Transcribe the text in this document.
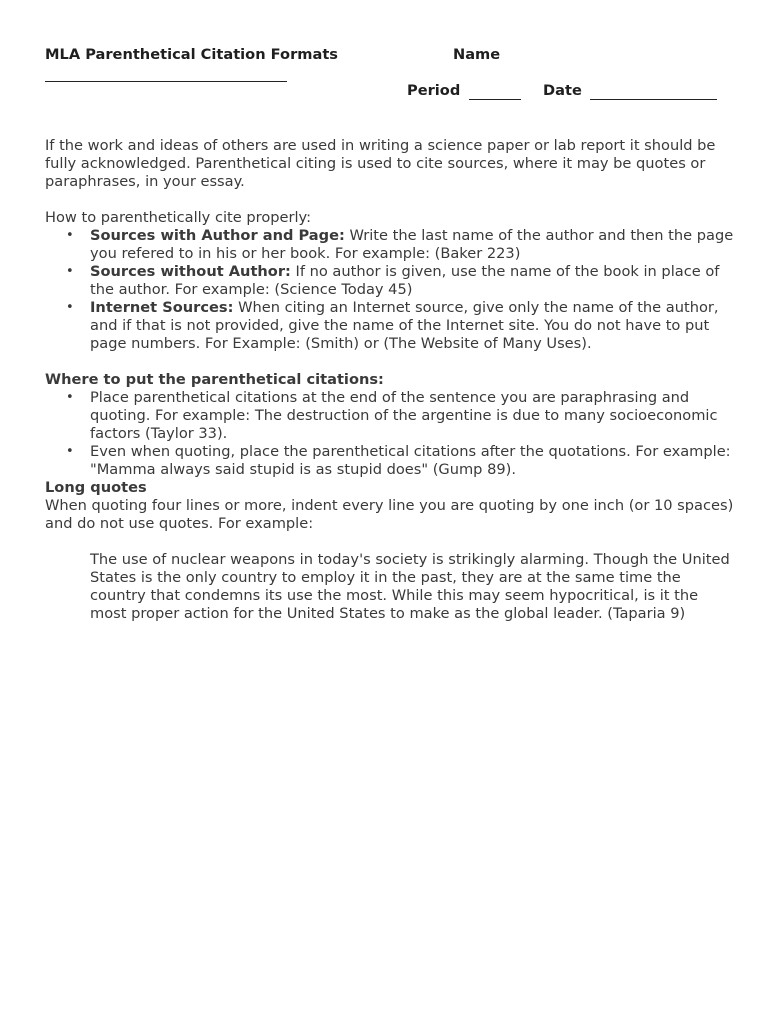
MLA Parenthetical Citation Formats	Name
Period	Date

If the work and ideas of others are used in writing a science paper or lab report it should be fully acknowledged. Parenthetical citing is used to cite sources, where it may be quotes or paraphrases, in your essay.

How to parenthetically cite properly:

• Sources with Author and Page: Write the last name of the author and then the page you refered to in his or her book. For example: (Baker 223)
• Sources without Author: If no author is given, use the name of the book in place of the author. For example: (Science Today 45)
• Internet Sources: When citing an Internet source, give only the name of the author, and if that is not provided, give the name of the Internet site. You do not have to put page numbers. For Example: (Smith) or (The Website of Many Uses).

Where to put the parenthetical citations:

• Place parenthetical citations at the end of the sentence you are paraphrasing and quoting. For example: The destruction of the argentine is due to many socioeconomic factors (Taylor 33).
• Even when quoting, place the parenthetical citations after the quotations. For example: "Mamma always said stupid is as stupid does" (Gump 89).

Long quotes

When quoting four lines or more, indent every line you are quoting by one inch (or 10 spaces) and do not use quotes. For example:

The use of nuclear weapons in today's society is strikingly alarming. Though the United States is the only country to employ it in the past, they are at the same time the country that condemns its use the most. While this may seem hypocritical, is it the most proper action for the United States to make as the global leader. (Taparia 9)
